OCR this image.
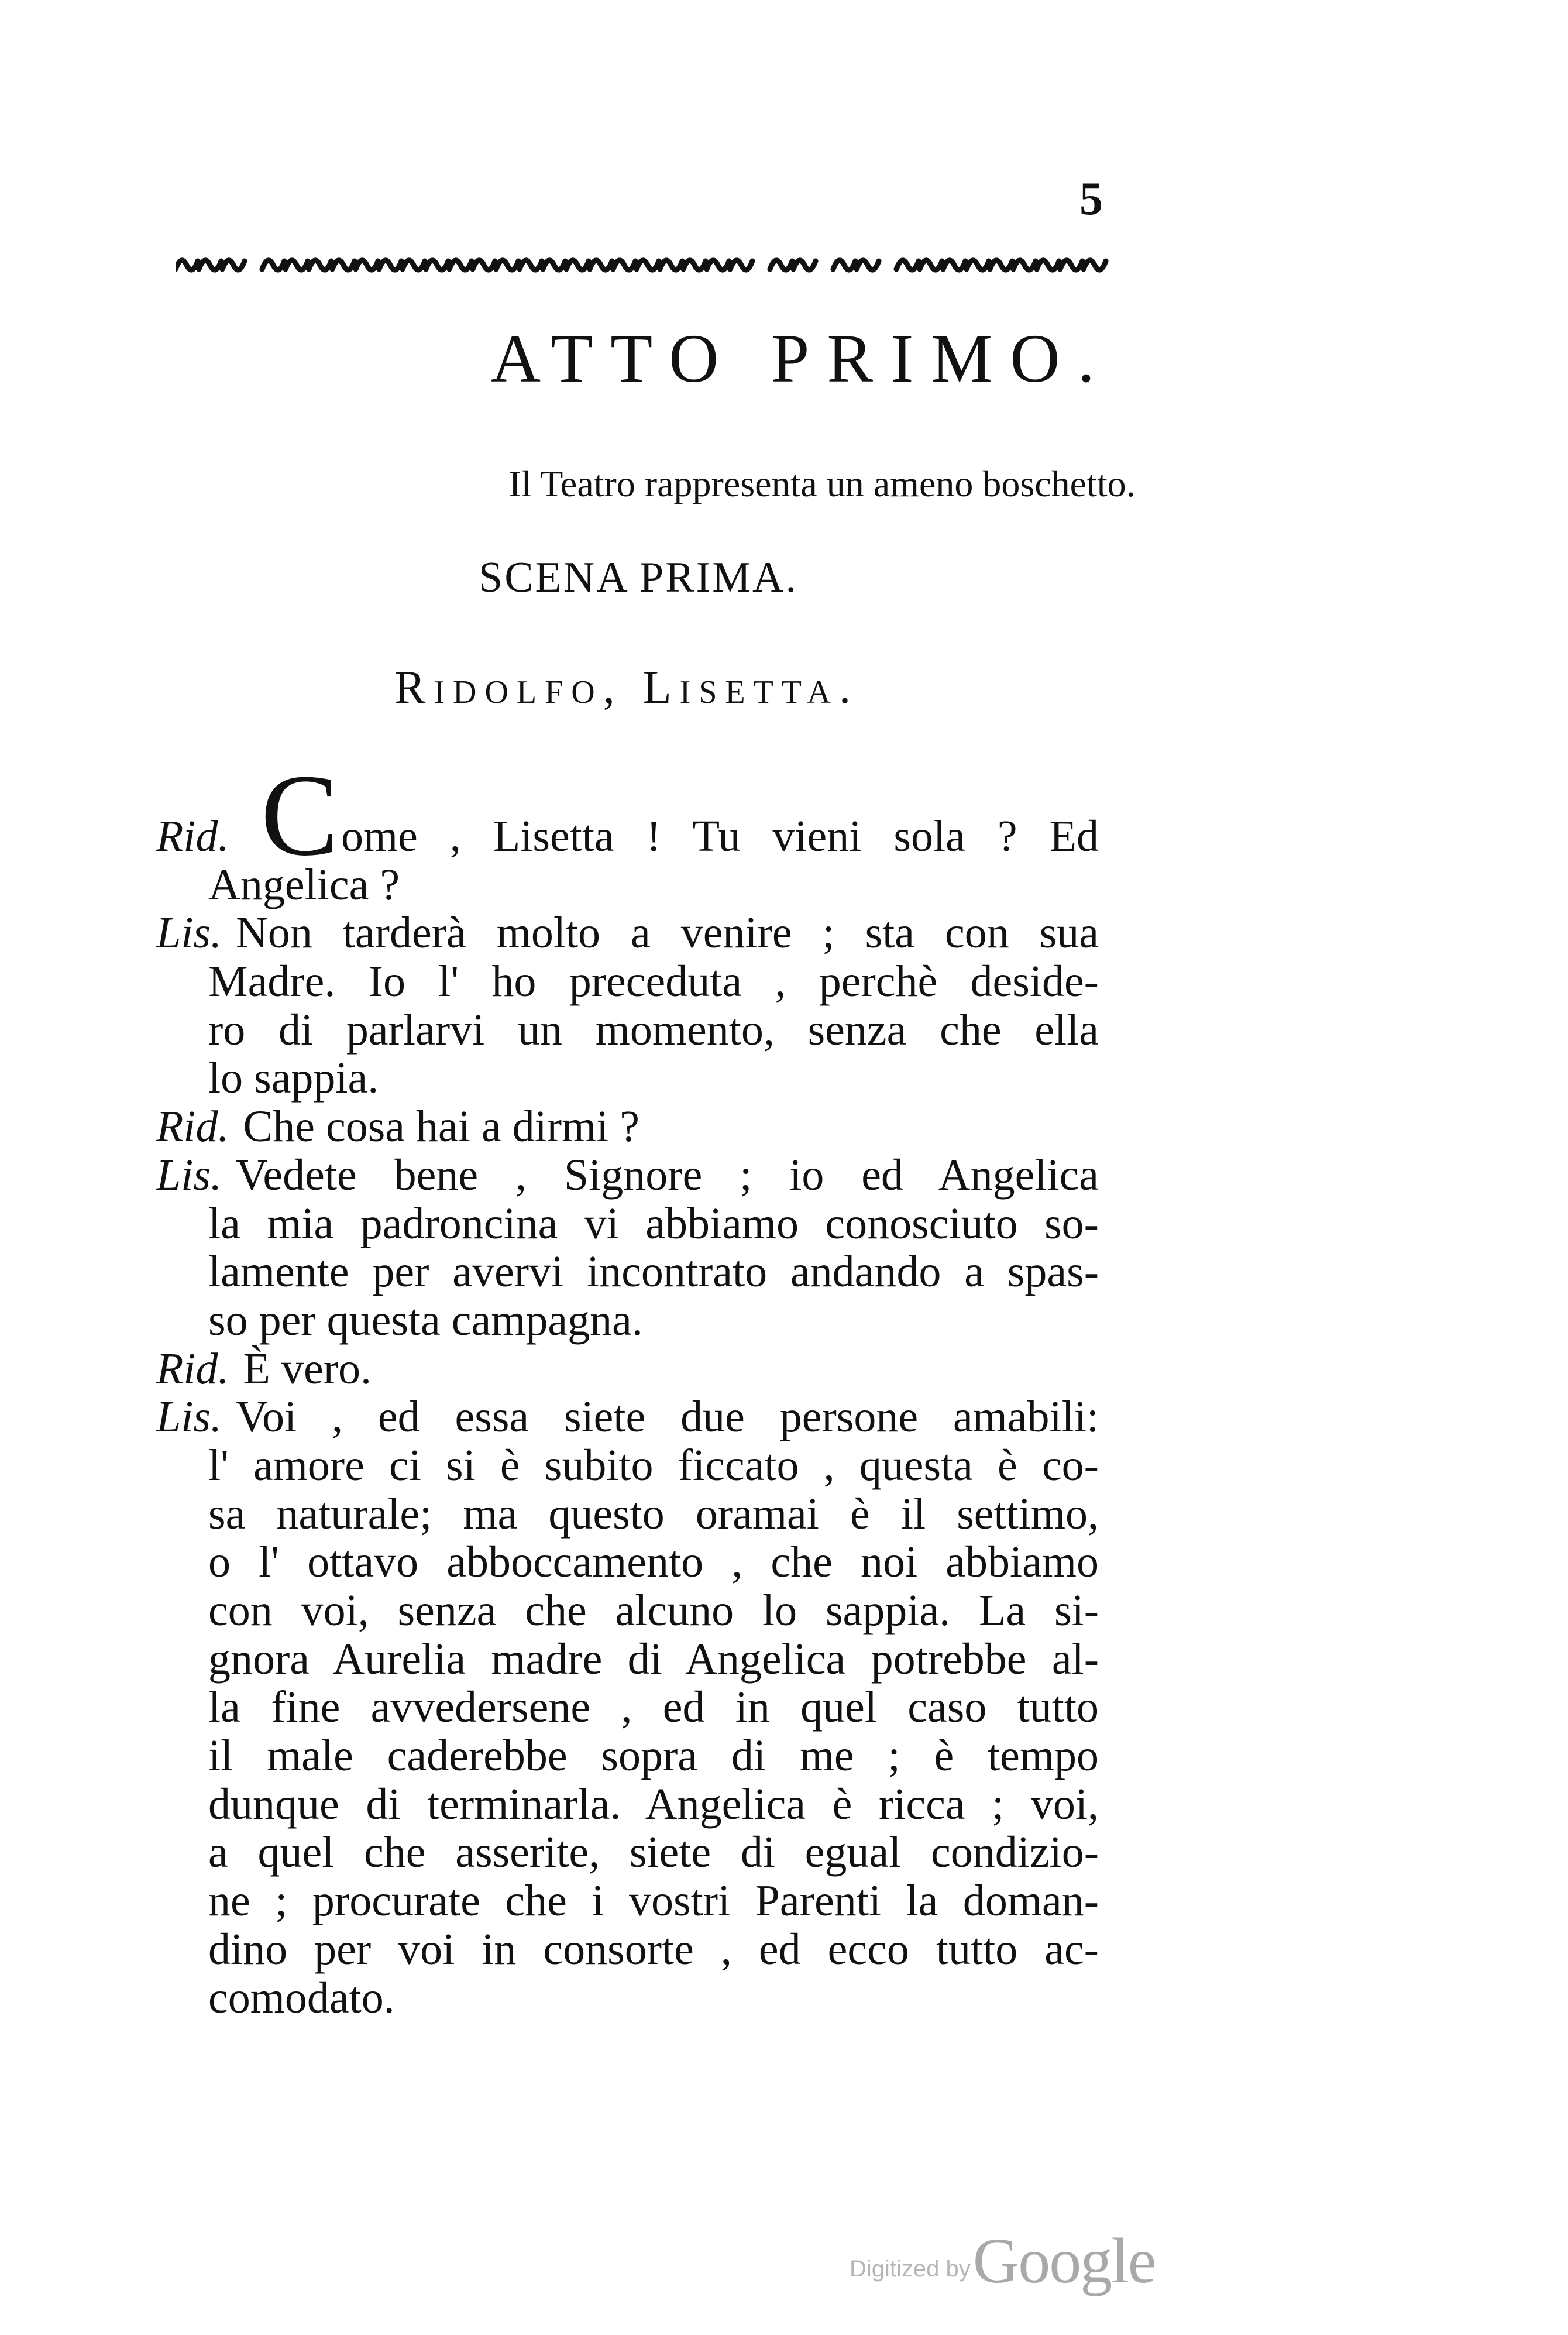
5
ATTO PRIMO.
Il Teatro rappresenta un ameno boschetto.
SCENA PRIMA.
Ridolfo, Lisetta.
Rid. Come , Lisetta ! Tu vieni sola ? Ed
Angelica ?
Lis. Non tarderà molto a venire ; sta con sua
Madre. Io l' ho preceduta , perchè deside-
ro di parlarvi un momento, senza che ella
lo sappia.
Rid. Che cosa hai a dirmi ?
Lis. Vedete bene , Signore ; io ed Angelica
la mia padroncina vi abbiamo conosciuto so-
lamente per avervi incontrato andando a spas-
so per questa campagna.
Rid. È vero.
Lis. Voi , ed essa siete due persone amabili:
l' amore ci si è subito ficcato , questa è co-
sa naturale; ma questo oramai è il settimo,
o l' ottavo abboccamento , che noi abbiamo
con voi, senza che alcuno lo sappia. La si-
gnora Aurelia madre di Angelica potrebbe al-
la fine avvedersene , ed in quel caso tutto
il male caderebbe sopra di me ; è tempo
dunque di terminarla. Angelica è ricca ; voi,
a quel che asserite, siete di egual condizio-
ne ; procurate che i vostri Parenti la doman-
dino per voi in consorte , ed ecco tutto ac-
comodato.
Digitized by Google
